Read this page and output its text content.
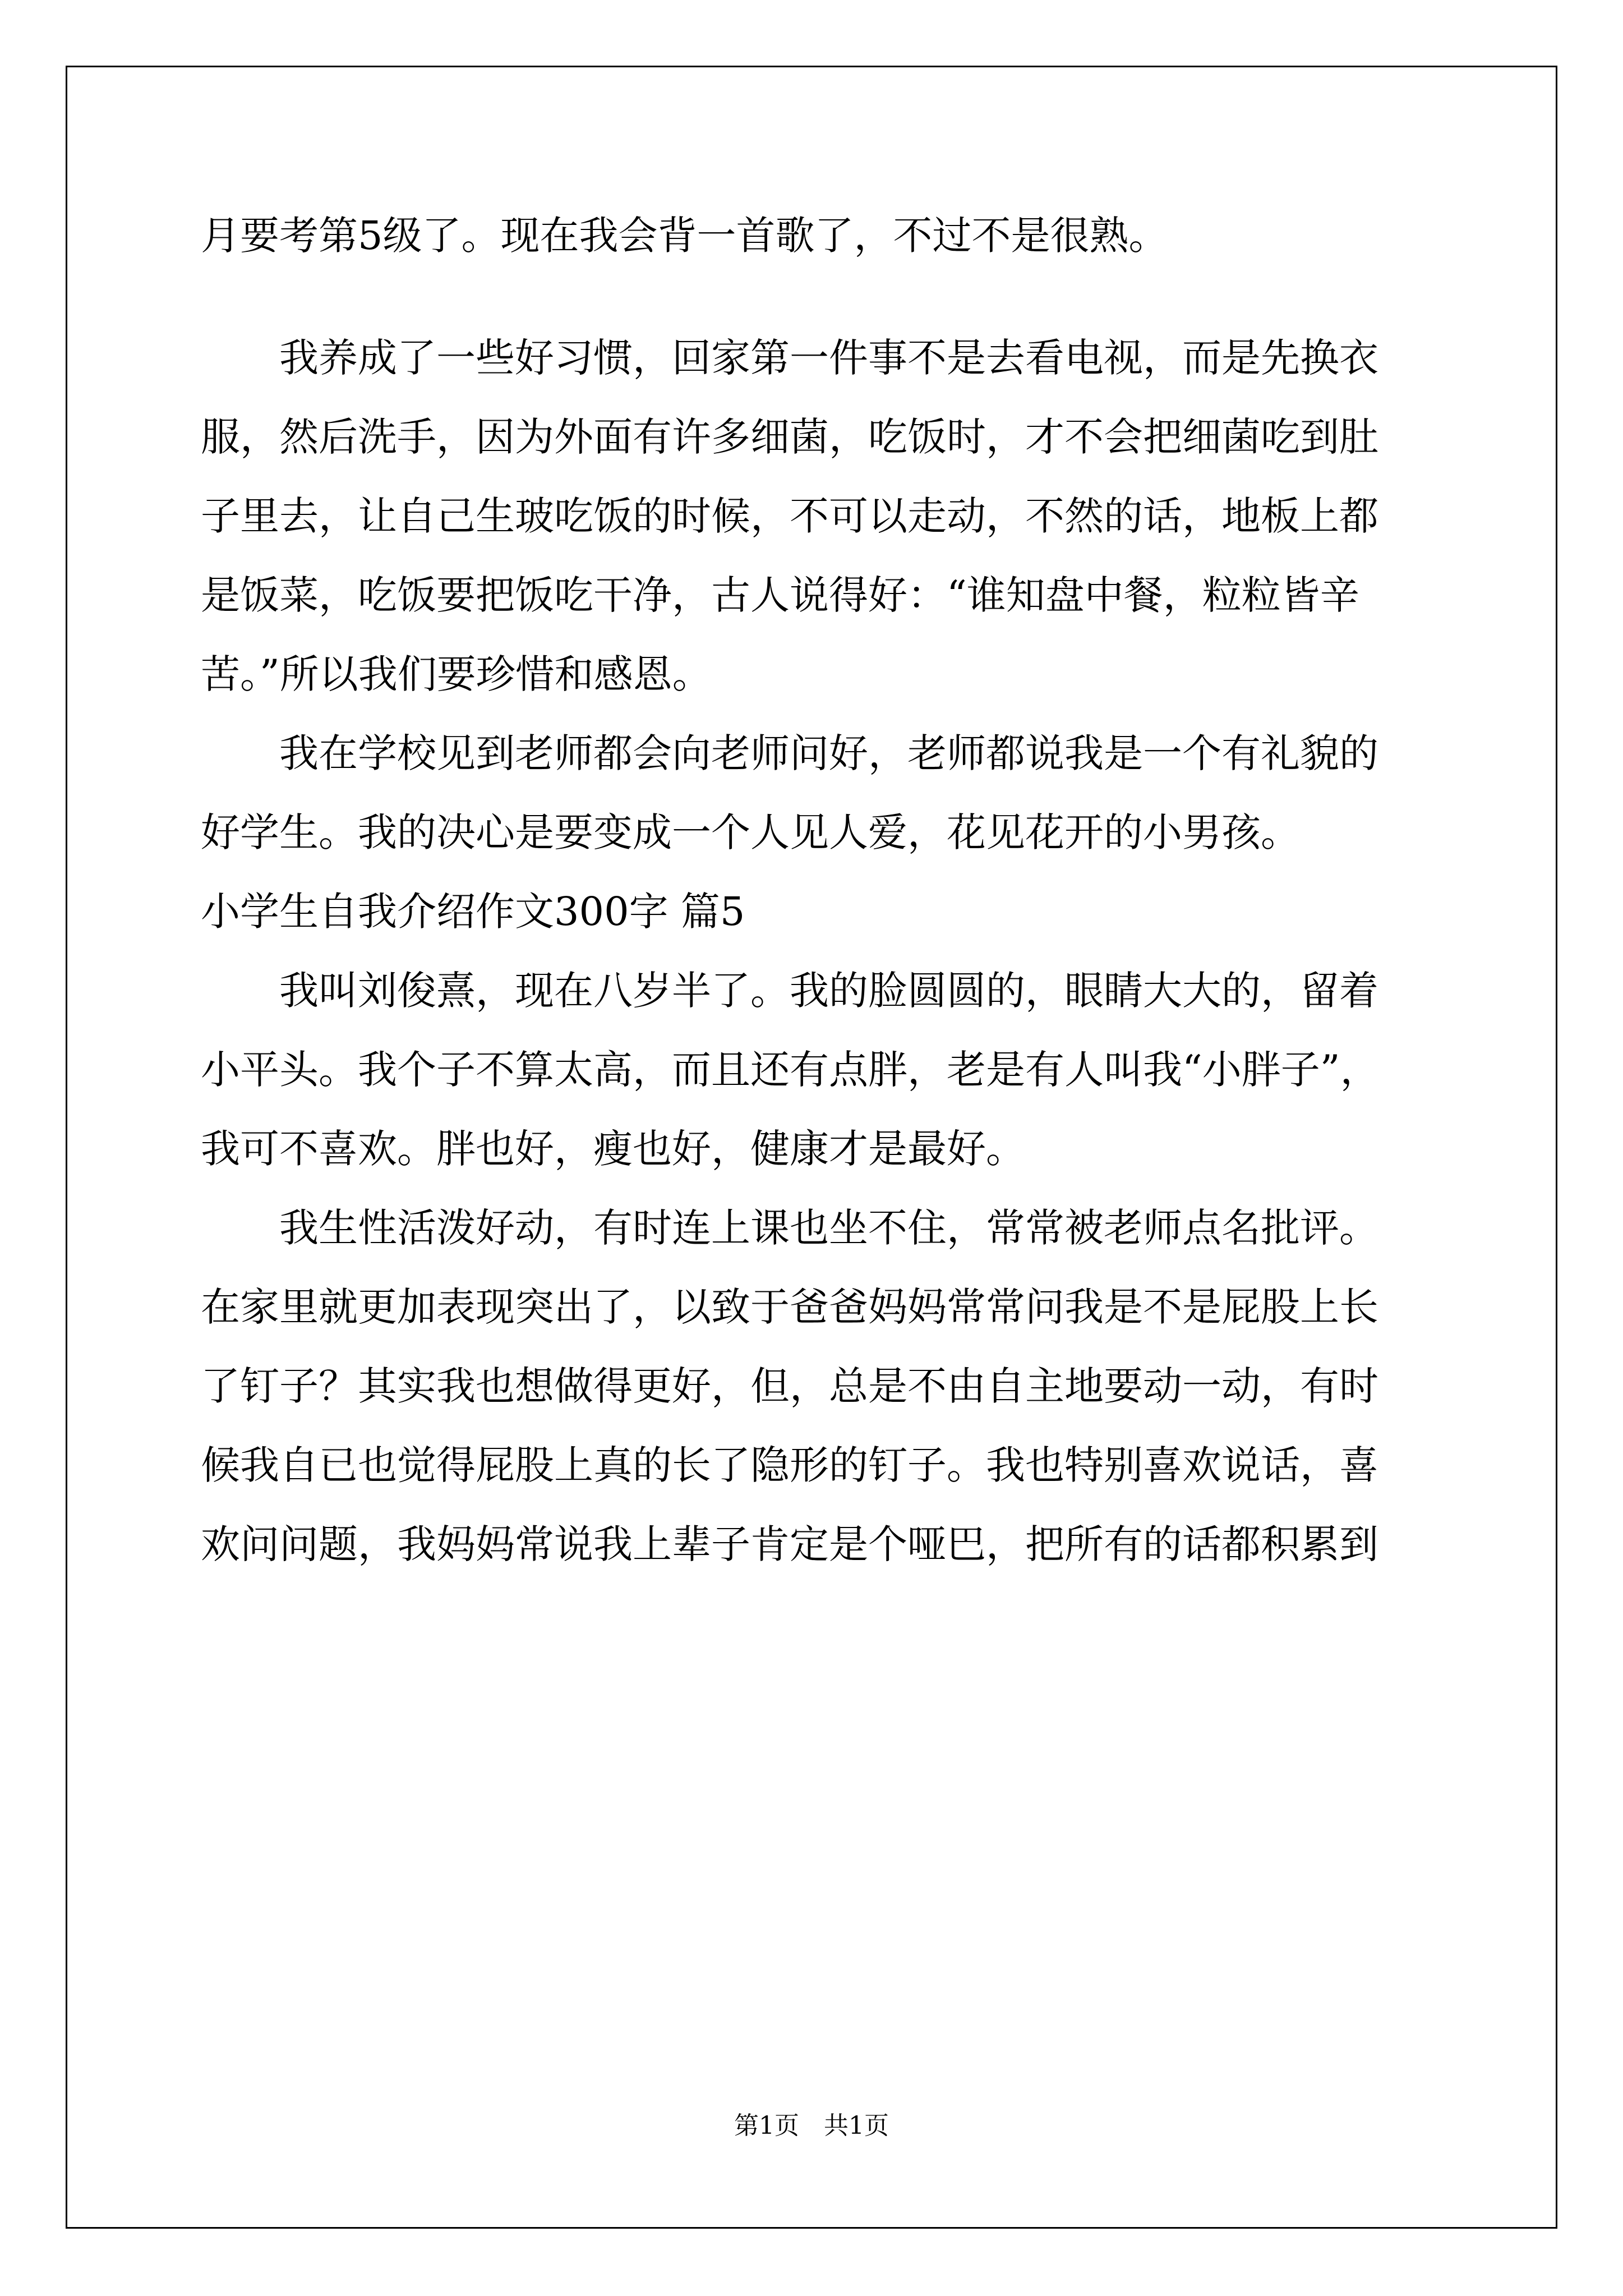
月要考第5级了。现在我会背一首歌了，不过不是很熟。
我养成了一些好习惯，回家第一件事不是去看电视，而是先换衣
服，然后洗手，因为外面有许多细菌，吃饭时，才不会把细菌吃到肚
子里去，让自己生玻吃饭的时候，不可以走动，不然的话，地板上都
是饭菜，吃饭要把饭吃干净，古人说得好：“谁知盘中餐，粒粒皆辛
苦。”所以我们要珍惜和感恩。
我在学校见到老师都会向老师问好，老师都说我是一个有礼貌的
好学生。我的决心是要变成一个人见人爱，花见花开的小男孩。
小学生自我介绍作文300字 篇5
我叫刘俊熹，现在八岁半了。我的脸圆圆的，眼睛大大的，留着
小平头。我个子不算太高，而且还有点胖，老是有人叫我“小胖子”，
我可不喜欢。胖也好，瘦也好，健康才是最好。
我生性活泼好动，有时连上课也坐不住，常常被老师点名批评。
在家里就更加表现突出了，以致于爸爸妈妈常常问我是不是屁股上长
了钉子？其实我也想做得更好，但，总是不由自主地要动一动，有时
候我自已也觉得屁股上真的长了隐形的钉子。我也特别喜欢说话，喜
欢问问题，我妈妈常说我上辈子肯定是个哑巴，把所有的话都积累到
第1页　共1页
